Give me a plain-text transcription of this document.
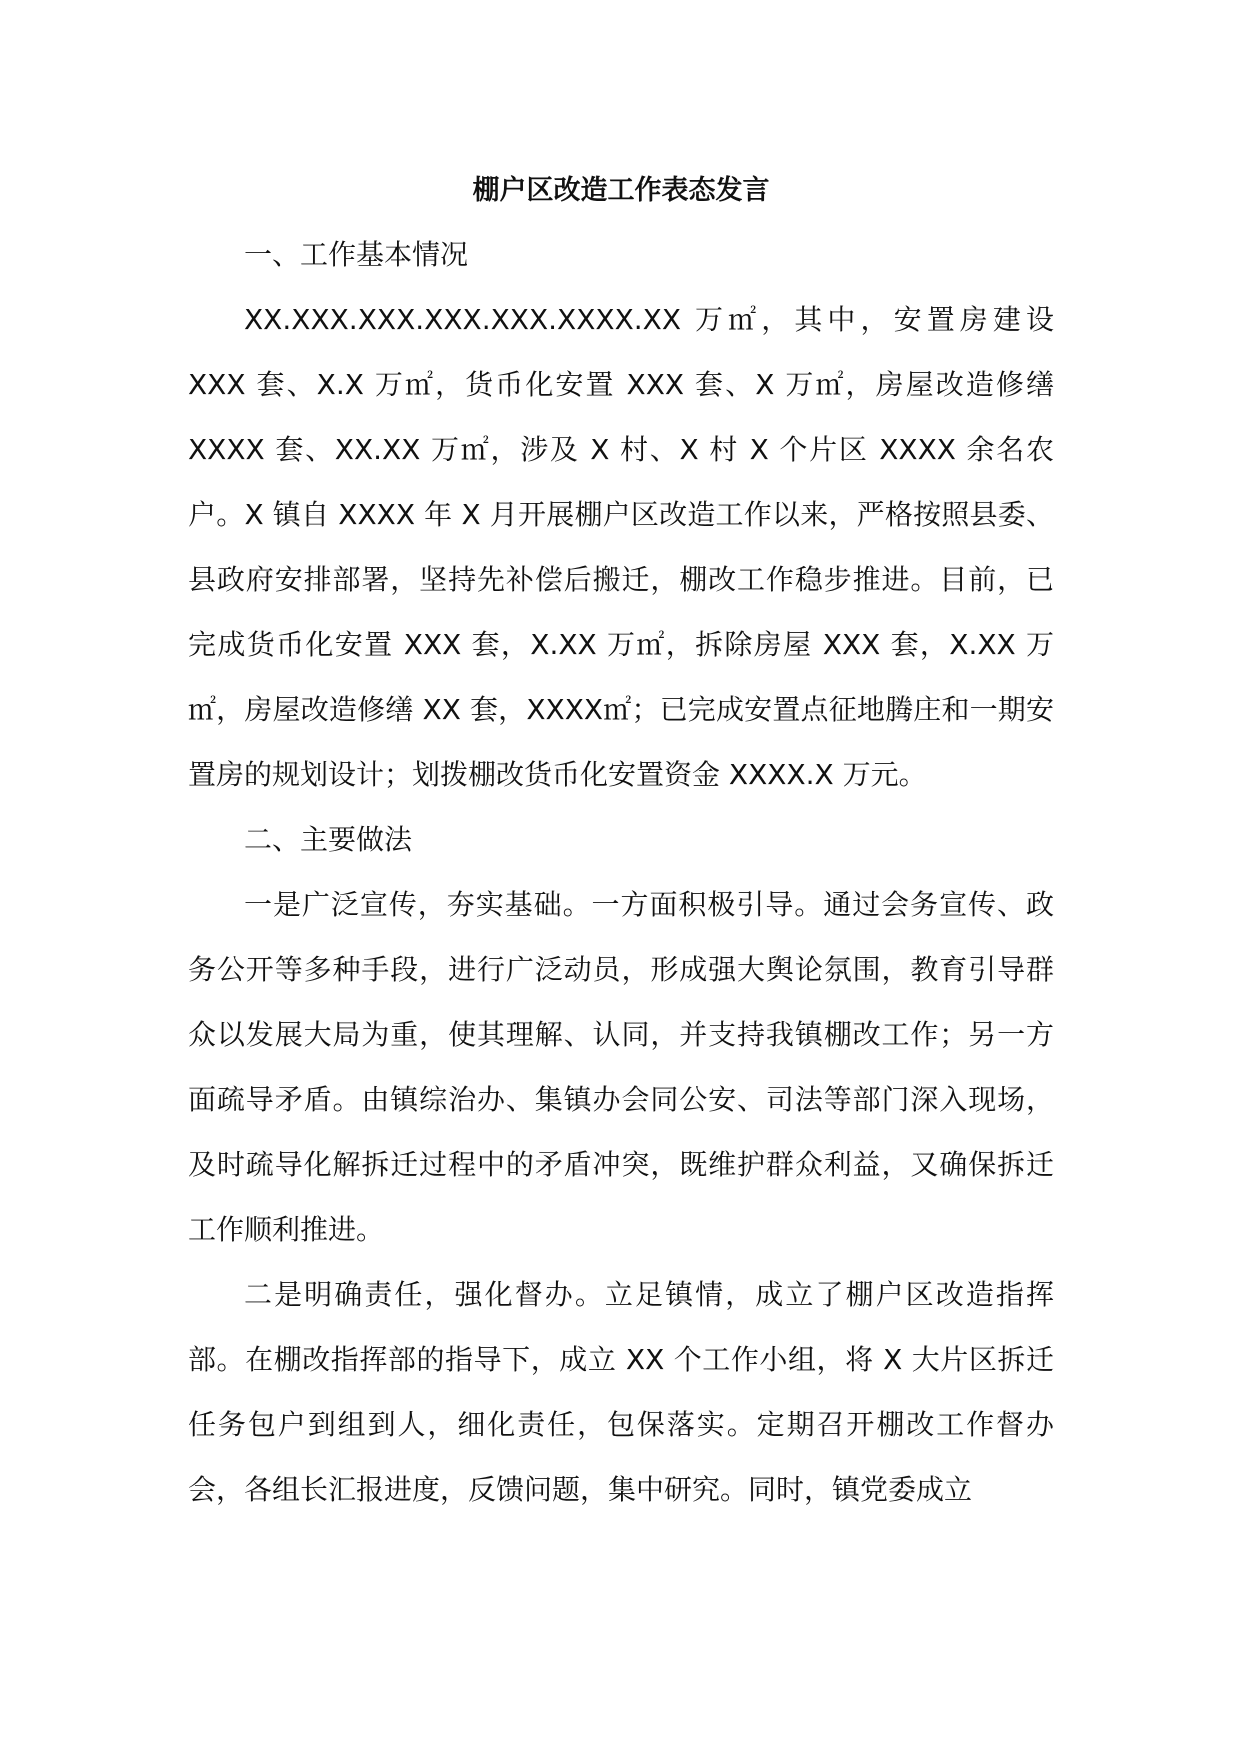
棚户区改造工作表态发言

一、工作基本情况

XX.XXX.XXX.XXX.XXX.XXXX.XX 万㎡，其中，安置房建设 XXX 套、X.X 万㎡，货币化安置 XXX 套、X 万㎡，房屋改造修缮 XXXX 套、XX.XX 万㎡，涉及 X 村、X 村 X 个片区 XXXX 余名农户。X 镇自 XXXX 年 X 月开展棚户区改造工作以来，严格按照县委、县政府安排部署，坚持先补偿后搬迁，棚改工作稳步推进。目前，已完成货币化安置 XXX 套，X.XX 万㎡，拆除房屋 XXX 套，X.XX 万㎡，房屋改造修缮 XX 套，XXXX㎡；已完成安置点征地腾庄和一期安置房的规划设计；划拨棚改货币化安置资金 XXXX.X 万元。

二、主要做法

一是广泛宣传，夯实基础。一方面积极引导。通过会务宣传、政务公开等多种手段，进行广泛动员，形成强大舆论氛围，教育引导群众以发展大局为重，使其理解、认同，并支持我镇棚改工作；另一方面疏导矛盾。由镇综治办、集镇办会同公安、司法等部门深入现场，及时疏导化解拆迁过程中的矛盾冲突，既维护群众利益，又确保拆迁工作顺利推进。

二是明确责任，强化督办。立足镇情，成立了棚户区改造指挥部。在棚改指挥部的指导下，成立 XX 个工作小组，将 X 大片区拆迁任务包户到组到人，细化责任，包保落实。定期召开棚改工作督办会，各组长汇报进度，反馈问题，集中研究。同时，镇党委成立
